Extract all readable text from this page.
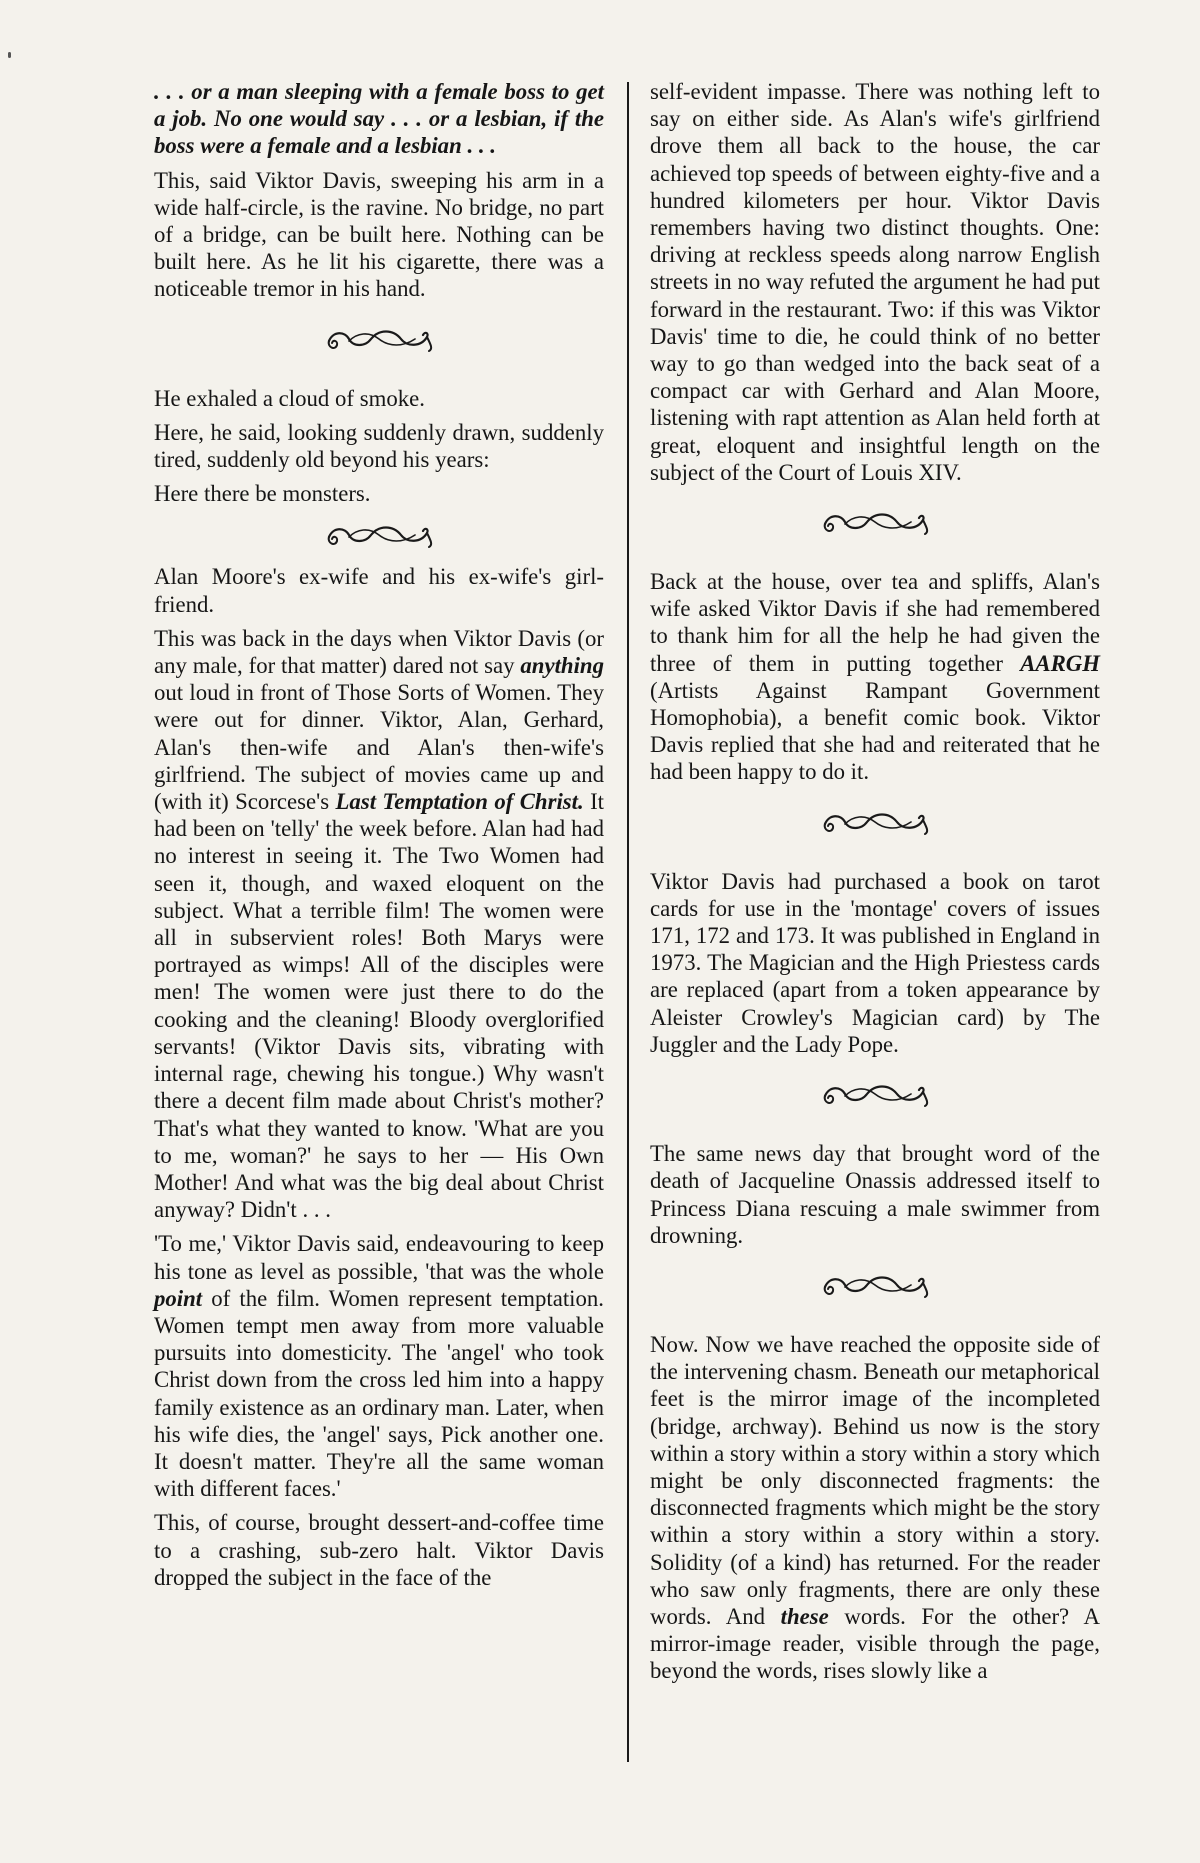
. . . or a man sleeping with a female boss to get a job. No one would say . . . or a lesbian, if the boss were a female and a lesbian . . .

This, said Viktor Davis, sweeping his arm in a wide half-circle, is the ravine. No bridge, no part of a bridge, can be built here. Nothing can be built here. As he lit his cigarette, there was a noticeable tremor in his hand.

He exhaled a cloud of smoke.

Here, he said, looking suddenly drawn, suddenly tired, suddenly old beyond his years:

Here there be monsters.

Alan Moore's ex-wife and his ex-wife's girlfriend.

This was back in the days when Viktor Davis (or any male, for that matter) dared not say anything out loud in front of Those Sorts of Women. They were out for dinner. Viktor, Alan, Gerhard, Alan's then-wife and Alan's then-wife's girlfriend. The subject of movies came up and (with it) Scorcese's Last Temptation of Christ. It had been on 'telly' the week before. Alan had had no interest in seeing it. The Two Women had seen it, though, and waxed eloquent on the subject. What a terrible film! The women were all in subservient roles! Both Marys were portrayed as wimps! All of the disciples were men! The women were just there to do the cooking and the cleaning! Bloody overglorified servants! (Viktor Davis sits, vibrating with internal rage, chewing his tongue.) Why wasn't there a decent film made about Christ's mother? That's what they wanted to know. 'What are you to me, woman?' he says to her — His Own Mother! And what was the big deal about Christ anyway? Didn't . . .

'To me,' Viktor Davis said, endeavouring to keep his tone as level as possible, 'that was the whole point of the film. Women represent temptation. Women tempt men away from more valuable pursuits into domesticity. The 'angel' who took Christ down from the cross led him into a happy family existence as an ordinary man. Later, when his wife dies, the 'angel' says, Pick another one. It doesn't matter. They're all the same woman with different faces.'

This, of course, brought dessert-and-coffee time to a crashing, sub-zero halt. Viktor Davis dropped the subject in the face of the

self-evident impasse. There was nothing left to say on either side. As Alan's wife's girlfriend drove them all back to the house, the car achieved top speeds of between eighty-five and a hundred kilometers per hour. Viktor Davis remembers having two distinct thoughts. One: driving at reckless speeds along narrow English streets in no way refuted the argument he had put forward in the restaurant. Two: if this was Viktor Davis' time to die, he could think of no better way to go than wedged into the back seat of a compact car with Gerhard and Alan Moore, listening with rapt attention as Alan held forth at great, eloquent and insightful length on the subject of the Court of Louis XIV.

Back at the house, over tea and spliffs, Alan's wife asked Viktor Davis if she had remembered to thank him for all the help he had given the three of them in putting together AARGH (Artists Against Rampant Government Homophobia), a benefit comic book. Viktor Davis replied that she had and reiterated that he had been happy to do it.

Viktor Davis had purchased a book on tarot cards for use in the 'montage' covers of issues 171, 172 and 173. It was published in England in 1973. The Magician and the High Priestess cards are replaced (apart from a token appearance by Aleister Crowley's Magician card) by The Juggler and the Lady Pope.

The same news day that brought word of the death of Jacqueline Onassis addressed itself to Princess Diana rescuing a male swimmer from drowning.

Now. Now we have reached the opposite side of the intervening chasm. Beneath our metaphorical feet is the mirror image of the incompleted (bridge, archway). Behind us now is the story within a story within a story within a story which might be only disconnected fragments: the disconnected fragments which might be the story within a story within a story within a story. Solidity (of a kind) has returned. For the reader who saw only fragments, there are only these words. And these words. For the other? A mirror-image reader, visible through the page, beyond the words, rises slowly like a
